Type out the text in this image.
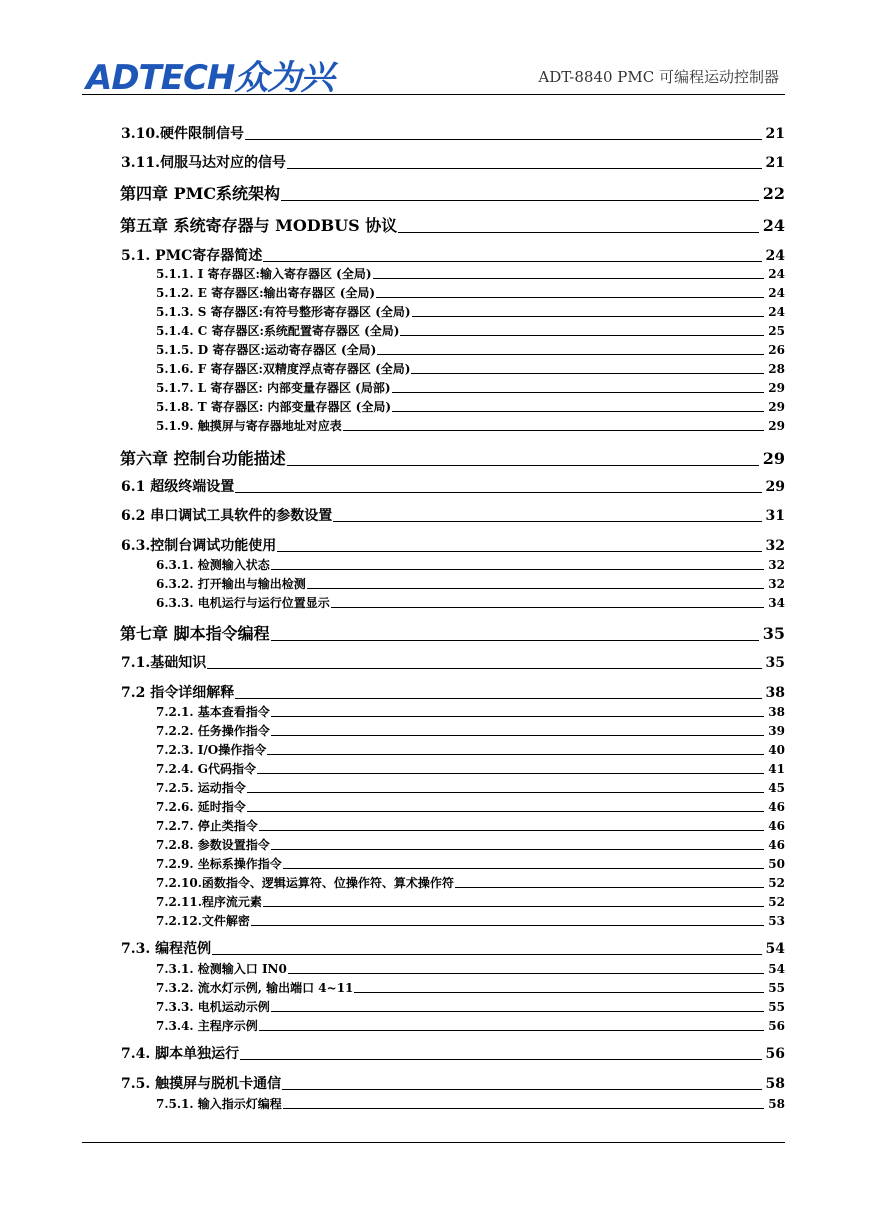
ADTECH众为兴	ADT-8840 PMC 可编程运动控制器
3.10.硬件限制信号	21
3.11.伺服马达对应的信号	21
第四章 PMC系统架构	22
第五章 系统寄存器与 MODBUS 协议	24
5.1. PMC寄存器简述	24
5.1.1. I 寄存器区:输入寄存器区 (全局)	24
5.1.2. E 寄存器区:输出寄存器区 (全局)	24
5.1.3. S 寄存器区:有符号整形寄存器区 (全局)	24
5.1.4. C 寄存器区:系统配置寄存器区 (全局)	25
5.1.5. D 寄存器区:运动寄存器区 (全局)	26
5.1.6. F 寄存器区:双精度浮点寄存器区 (全局)	28
5.1.7. L 寄存器区: 内部变量存器区 (局部)	29
5.1.8. T 寄存器区: 内部变量存器区 (全局)	29
5.1.9. 触摸屏与寄存器地址对应表	29
第六章 控制台功能描述	29
6.1 超级终端设置	29
6.2 串口调试工具软件的参数设置	31
6.3.控制台调试功能使用	32
6.3.1. 检测输入状态	32
6.3.2. 打开输出与输出检测	32
6.3.3. 电机运行与运行位置显示	34
第七章 脚本指令编程	35
7.1.基础知识	35
7.2 指令详细解释	38
7.2.1. 基本查看指令	38
7.2.2. 任务操作指令	39
7.2.3. I/O操作指令	40
7.2.4. G代码指令	41
7.2.5. 运动指令	45
7.2.6. 延时指令	46
7.2.7. 停止类指令	46
7.2.8. 参数设置指令	46
7.2.9. 坐标系操作指令	50
7.2.10.函数指令、逻辑运算符、位操作符、算术操作符	52
7.2.11.程序流元素	52
7.2.12.文件解密	53
7.3. 编程范例	54
7.3.1. 检测输入口 IN0	54
7.3.2. 流水灯示例, 输出端口 4~11	55
7.3.3. 电机运动示例	55
7.3.4. 主程序示例	56
7.4. 脚本单独运行	56
7.5. 触摸屏与脱机卡通信	58
7.5.1. 输入指示灯编程	58
